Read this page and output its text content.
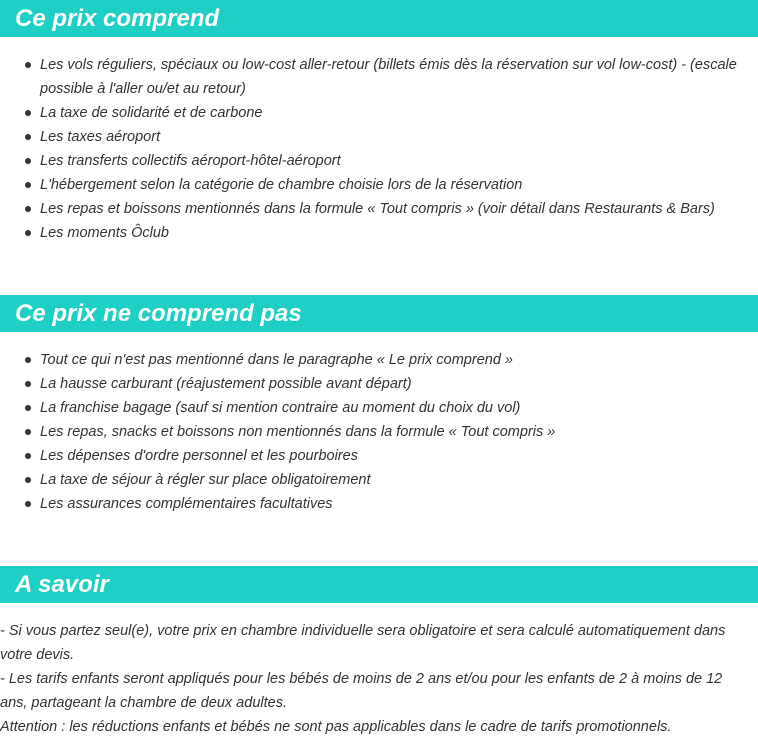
Ce prix comprend
Les vols réguliers, spéciaux ou low-cost aller-retour (billets émis dès la réservation sur vol low-cost) - (escale possible à l'aller ou/et au retour)
La taxe de solidarité et de carbone
Les taxes aéroport
Les transferts collectifs aéroport-hôtel-aéroport
L'hébergement selon la catégorie de chambre choisie lors de la réservation
Les repas et boissons mentionnés dans la formule « Tout compris » (voir détail dans Restaurants & Bars)
Les moments Ôclub
Ce prix ne comprend pas
Tout ce qui n'est pas mentionné dans le paragraphe « Le prix comprend »
La hausse carburant (réajustement possible avant départ)
La franchise bagage (sauf si mention contraire au moment du choix du vol)
Les repas, snacks et boissons non mentionnés dans la formule « Tout compris »
Les dépenses d'ordre personnel et les pourboires
La taxe de séjour à régler sur place obligatoirement
Les assurances complémentaires facultatives
A savoir

- Si vous partez seul(e), votre prix en chambre individuelle sera obligatoire et sera calculé automatiquement dans votre devis.

- Les tarifs enfants seront appliqués pour les bébés de moins de 2 ans et/ou pour les enfants de 2 à moins de 12 ans, partageant la chambre de deux adultes.

Attention : les réductions enfants et bébés ne sont pas applicables dans le cadre de tarifs promotionnels.
